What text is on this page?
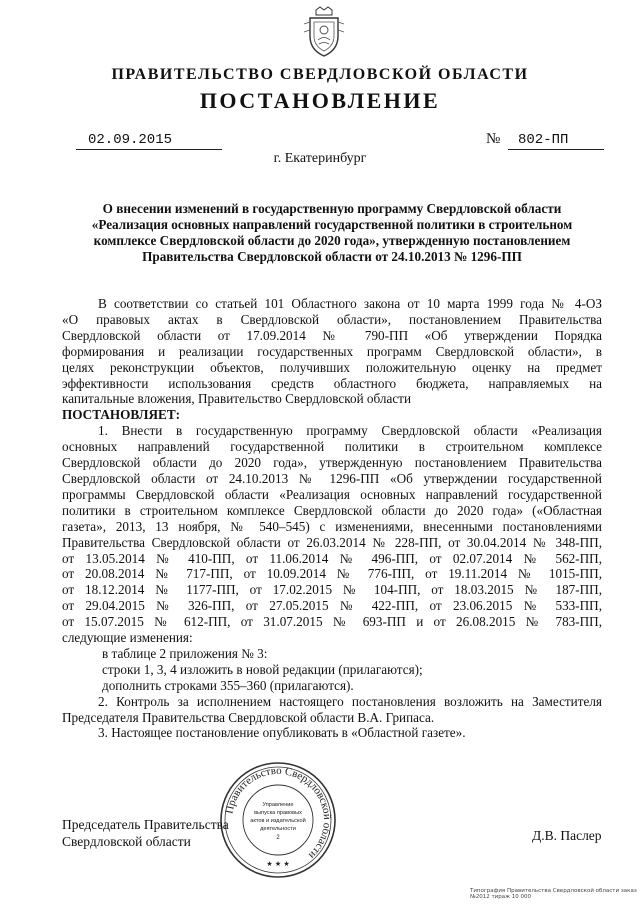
ПРАВИТЕЛЬСТВО СВЕРДЛОВСКОЙ ОБЛАСТИ
ПОСТАНОВЛЕНИЕ
02.09.2015	№	802-ПП
г. Екатеринбург
О внесении изменений в государственную программу Свердловской области
«Реализация основных направлений государственной политики в строительном
комплексе Свердловской области до 2020 года», утвержденную постановлением
Правительства Свердловской области от 24.10.2013 № 1296-ПП
В соответствии со статьей 101 Областного закона от 10 марта 1999 года № 4-ОЗ
«О правовых актах в Свердловской области», постановлением Правительства
Свердловской области от 17.09.2014 № 790-ПП «Об утверждении Порядка
формирования и реализации государственных программ Свердловской области», в
целях реконструкции объектов, получивших положительную оценку на предмет
эффективности использования средств областного бюджета, направляемых на
капитальные вложения, Правительство Свердловской области
ПОСТАНОВЛЯЕТ:
1. Внести в государственную программу Свердловской области «Реализация
основных направлений государственной политики в строительном комплексе
Свердловской области до 2020 года», утвержденную постановлением Правительства
Свердловской области от 24.10.2013 № 1296-ПП «Об утверждении государственной
программы Свердловской области «Реализация основных направлений государственной
политики в строительном комплексе Свердловской области до 2020 года» («Областная
газета», 2013, 13 ноября, № 540–545) с изменениями, внесенными постановлениями
Правительства Свердловской области от 26.03.2014 № 228-ПП, от 30.04.2014 № 348-ПП,
от 13.05.2014 № 410-ПП, от 11.06.2014 № 496-ПП, от 02.07.2014 № 562-ПП,
от 20.08.2014 № 717-ПП, от 10.09.2014 № 776-ПП, от 19.11.2014 № 1015-ПП,
от 18.12.2014 № 1177-ПП, от 17.02.2015 № 104-ПП, от 18.03.2015 № 187-ПП,
от 29.04.2015 № 326-ПП, от 27.05.2015 № 422-ПП, от 23.06.2015 № 533-ПП,
от 15.07.2015 № 612-ПП, от 31.07.2015 № 693-ПП и от 26.08.2015 № 783-ПП,
следующие изменения:
в таблице 2 приложения № 3:
строки 1, 3, 4 изложить в новой редакции (прилагаются);
дополнить строками 355–360 (прилагаются).
2. Контроль за исполнением настоящего постановления возложить на Заместителя
Председателя Правительства Свердловской области В.А. Грипаса.
3. Настоящее постановление опубликовать в «Областной газете».
Правительство Свердловской области
Управление
выпуска правовых
актов и издательской
деятельности
2
★ ★ ★
Председатель Правительства
Свердловской области	Д.В. Паслер
Типография Правительства Свердловской области заказ №2012 тираж 10 000
